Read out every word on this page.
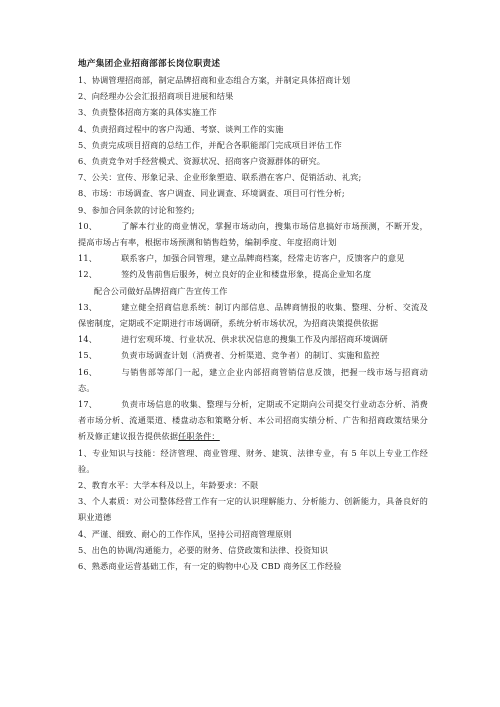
地产集团企业招商部部长岗位职责述
1、协调管理招商部，制定品牌招商和业态组合方案，并制定具体招商计划
2、向经理办公会汇报招商项目进展和结果
3、负责整体招商方案的具体实施工作
4、负责招商过程中的客户沟通、考察、谈判工作的实施
5、负责完成项目招商的总结工作，并配合各职能部门完成项目评估工作
6、负责竞争对手经营模式、资源状况、招商客户资源群体的研究。
7、公关：宣传、形象记录、企业形象塑造、联系潜在客户、促销活动、礼宾;
8、市场：市场调查、客户调查、同业调查、环境调查、项目可行性分析;
9、参加合同条款的讨论和签约;
10、	了解本行业的商业情况，掌握市场动向，搜集市场信息搞好市场预测，不断开发，提高市场占有率，根据市场预测和销售趋势，编制季度、年度招商计划
11、	联系客户，加强合同管理，建立品牌商档案，经常走访客户，反馈客户的意见
12、	签约及售前售后服务，树立良好的企业和楼盘形象，提高企业知名度
配合公司做好品牌招商广告宣传工作
13、	建立健全招商信息系统：制订内部信息、品牌商情报的收集、整理、分析、交流及保密制度，定期或不定期进行市场调研，系统分析市场状况，为招商决策提供依据
14、	进行宏观环境、行业状况、供求状况信息的搜集工作及内部招商环境调研
15、	负责市场调查计划（消费者、分析渠道、竞争者）的制订、实施和监控
16、	与销售部等部门一起，建立企业内部招商管销信息反馈，把握一线市场与招商动态。
17、	负责市场信息的收集、整理与分析，定期或不定期向公司提交行业动态分析、消费者市场分析、流通渠道、楼盘动态和策略分析、本公司招商实绩分析、广告和招商政策结果分析及修正建议报告提供依据任职条件：
1、专业知识与技能：经济管理、商业管理、财务、建筑、法律专业，有 5 年以上专业工作经验。
2、教育水平：大学本科及以上，年龄要求：不限
3、个人素质：对公司整体经营工作有一定的认识理解能力、分析能力、创新能力，具备良好的职业道德
4、严谨、细致、耐心的工作作风，坚持公司招商管理原则
5、出色的协调/沟通能力，必要的财务、信贷政策和法律、投资知识
6、熟悉商业运营基础工作，有一定的购物中心及 CBD 商务区工作经验
